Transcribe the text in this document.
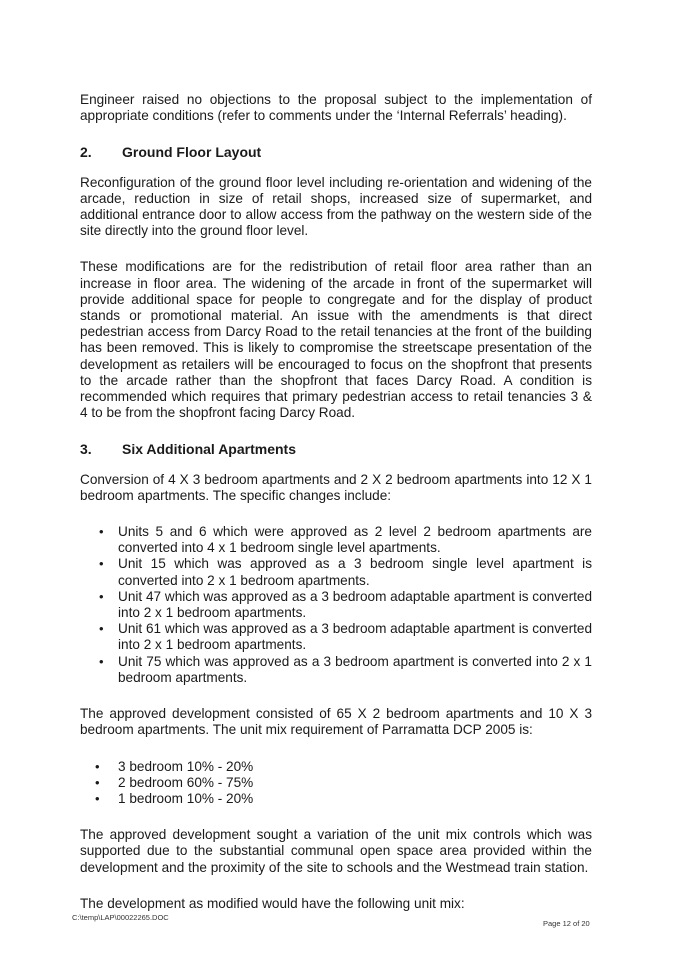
Engineer raised no objections to the proposal subject to the implementation of appropriate conditions (refer to comments under the ‘Internal Referrals’ heading).

2.	Ground Floor Layout

Reconfiguration of the ground floor level including re-orientation and widening of the arcade, reduction in size of retail shops, increased size of supermarket, and additional entrance door to allow access from the pathway on the western side of the site directly into the ground floor level.

These modifications are for the redistribution of retail floor area rather than an increase in floor area. The widening of the arcade in front of the supermarket will provide additional space for people to congregate and for the display of product stands or promotional material. An issue with the amendments is that direct pedestrian access from Darcy Road to the retail tenancies at the front of the building has been removed. This is likely to compromise the streetscape presentation of the development as retailers will be encouraged to focus on the shopfront that presents to the arcade rather than the shopfront that faces Darcy Road. A condition is recommended which requires that primary pedestrian access to retail tenancies 3 & 4 to be from the shopfront facing Darcy Road.

3.	Six Additional Apartments

Conversion of 4 X 3 bedroom apartments and 2 X 2 bedroom apartments into 12 X 1 bedroom apartments. The specific changes include:

• Units 5 and 6 which were approved as 2 level 2 bedroom apartments are converted into 4 x 1 bedroom single level apartments.
• Unit 15 which was approved as a 3 bedroom single level apartment is converted into 2 x 1 bedroom apartments.
• Unit 47 which was approved as a 3 bedroom adaptable apartment is converted into 2 x 1 bedroom apartments.
• Unit 61 which was approved as a 3 bedroom adaptable apartment is converted into 2 x 1 bedroom apartments.
• Unit 75 which was approved as a 3 bedroom apartment is converted into 2 x 1 bedroom apartments.

The approved development consisted of 65 X 2 bedroom apartments and 10 X 3 bedroom apartments. The unit mix requirement of Parramatta DCP 2005 is:

• 3 bedroom 10% - 20%
• 2 bedroom 60% - 75%
• 1 bedroom 10% - 20%

The approved development sought a variation of the unit mix controls which was supported due to the substantial communal open space area provided within the development and the proximity of the site to schools and the Westmead train station.

The development as modified would have the following unit mix:

C:\temp\LAP\00022265.DOC
Page 12 of 20
